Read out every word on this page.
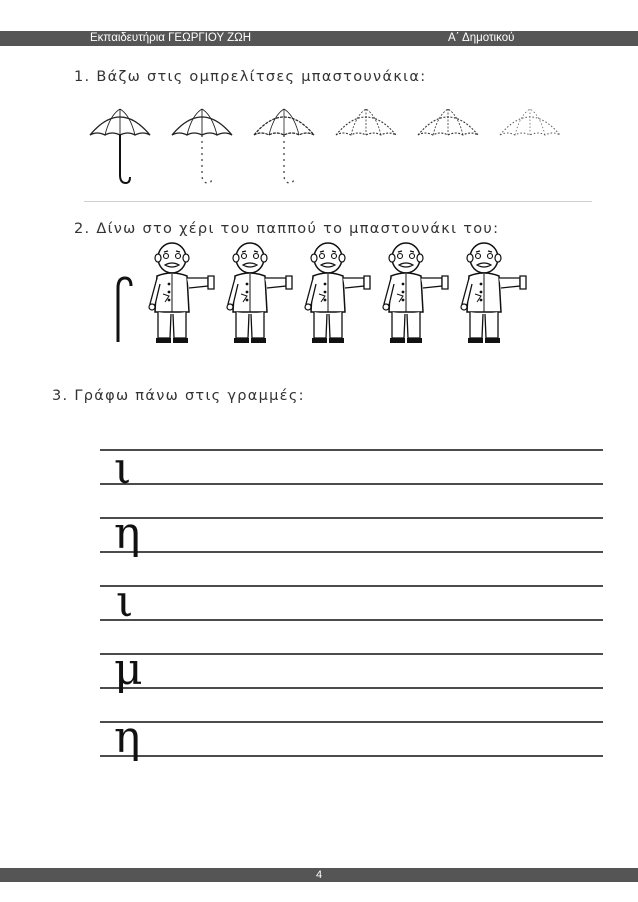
Εκπαιδευτήρια ΓΕΩΡΓΙΟΥ ΖΩΗ	Α΄ Δημοτικού
1. Βάζω στις ομπρελίτσες μπαστουνάκια:
2. Δίνω στο χέρι του παππού το μπαστουνάκι του:
3. Γράφω πάνω στις γραμμές:
ι
η
ι
μ
η
4
